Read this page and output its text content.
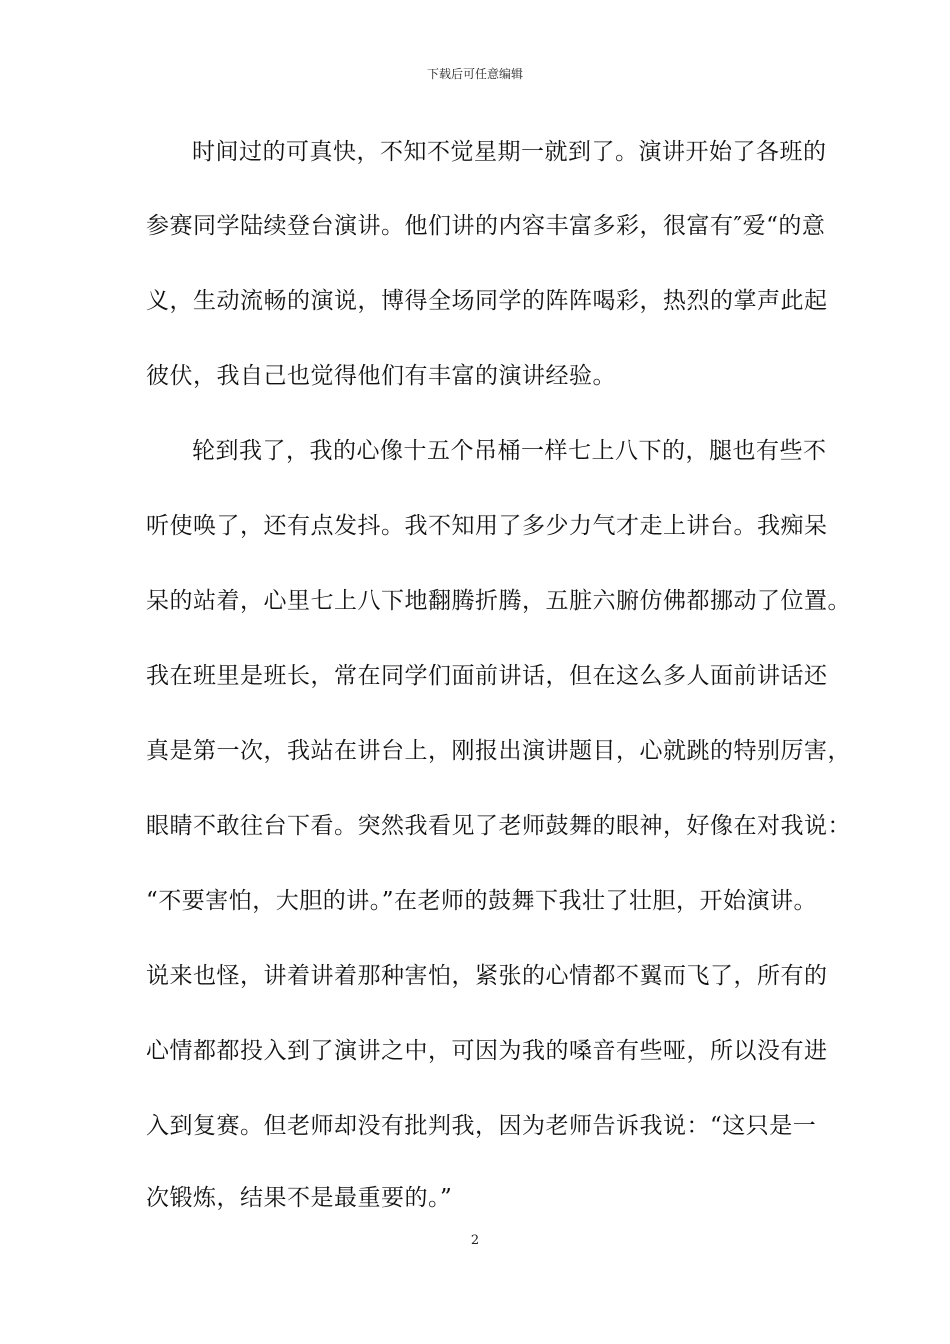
下载后可任意编辑
时间过的可真快，不知不觉星期一就到了。演讲开始了各班的
参赛同学陆续登台演讲。他们讲的内容丰富多彩，很富有″爱“的意
义，生动流畅的演说，博得全场同学的阵阵喝彩，热烈的掌声此起
彼伏，我自己也觉得他们有丰富的演讲经验。
轮到我了，我的心像十五个吊桶一样七上八下的，腿也有些不
听使唤了，还有点发抖。我不知用了多少力气才走上讲台。我痴呆
呆的站着，心里七上八下地翻腾折腾，五脏六腑仿佛都挪动了位置。
我在班里是班长，常在同学们面前讲话，但在这么多人面前讲话还
真是第一次，我站在讲台上，刚报出演讲题目，心就跳的特别厉害，
眼睛不敢往台下看。突然我看见了老师鼓舞的眼神，好像在对我说：
“不要害怕，大胆的讲。”在老师的鼓舞下我壮了壮胆，开始演讲。
说来也怪，讲着讲着那种害怕，紧张的心情都不翼而飞了，所有的
心情都都投入到了演讲之中，可因为我的嗓音有些哑，所以没有进
入到复赛。但老师却没有批判我，因为老师告诉我说：“这只是一
次锻炼，结果不是最重要的。”
2
